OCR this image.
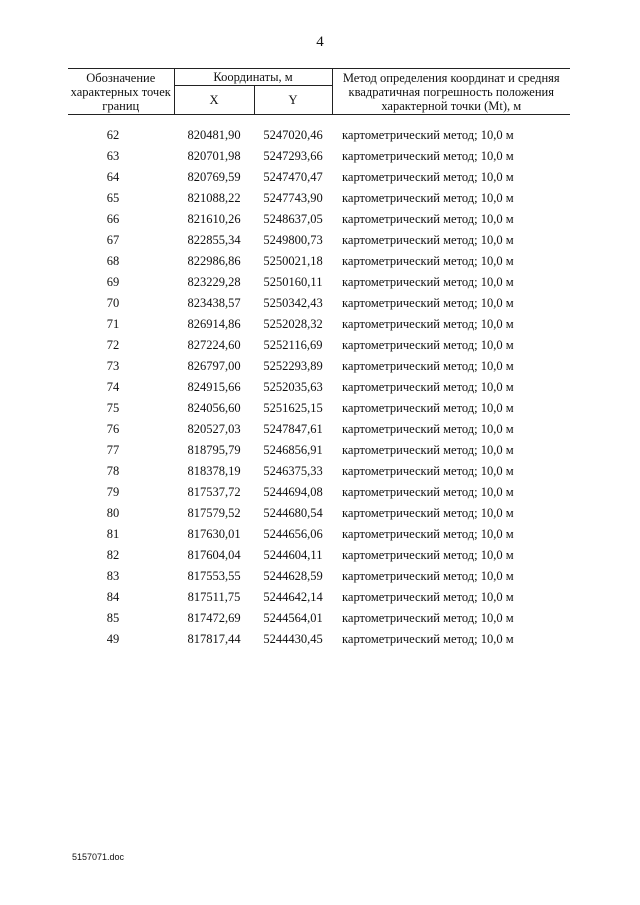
4
Обозначение характерных точек границ	Координаты, м		Метод определения координат и средняя квадратичная погрешность положения характерной точки (Mt), м
	X	Y	
62	820481,90	5247020,46	картометрический метод; 10,0 м
63	820701,98	5247293,66	картометрический метод; 10,0 м
64	820769,59	5247470,47	картометрический метод; 10,0 м
65	821088,22	5247743,90	картометрический метод; 10,0 м
66	821610,26	5248637,05	картометрический метод; 10,0 м
67	822855,34	5249800,73	картометрический метод; 10,0 м
68	822986,86	5250021,18	картометрический метод; 10,0 м
69	823229,28	5250160,11	картометрический метод; 10,0 м
70	823438,57	5250342,43	картометрический метод; 10,0 м
71	826914,86	5252028,32	картометрический метод; 10,0 м
72	827224,60	5252116,69	картометрический метод; 10,0 м
73	826797,00	5252293,89	картометрический метод; 10,0 м
74	824915,66	5252035,63	картометрический метод; 10,0 м
75	824056,60	5251625,15	картометрический метод; 10,0 м
76	820527,03	5247847,61	картометрический метод; 10,0 м
77	818795,79	5246856,91	картометрический метод; 10,0 м
78	818378,19	5246375,33	картометрический метод; 10,0 м
79	817537,72	5244694,08	картометрический метод; 10,0 м
80	817579,52	5244680,54	картометрический метод; 10,0 м
81	817630,01	5244656,06	картометрический метод; 10,0 м
82	817604,04	5244604,11	картометрический метод; 10,0 м
83	817553,55	5244628,59	картометрический метод; 10,0 м
84	817511,75	5244642,14	картометрический метод; 10,0 м
85	817472,69	5244564,01	картометрический метод; 10,0 м
49	817817,44	5244430,45	картометрический метод; 10,0 м
5157071.doc
